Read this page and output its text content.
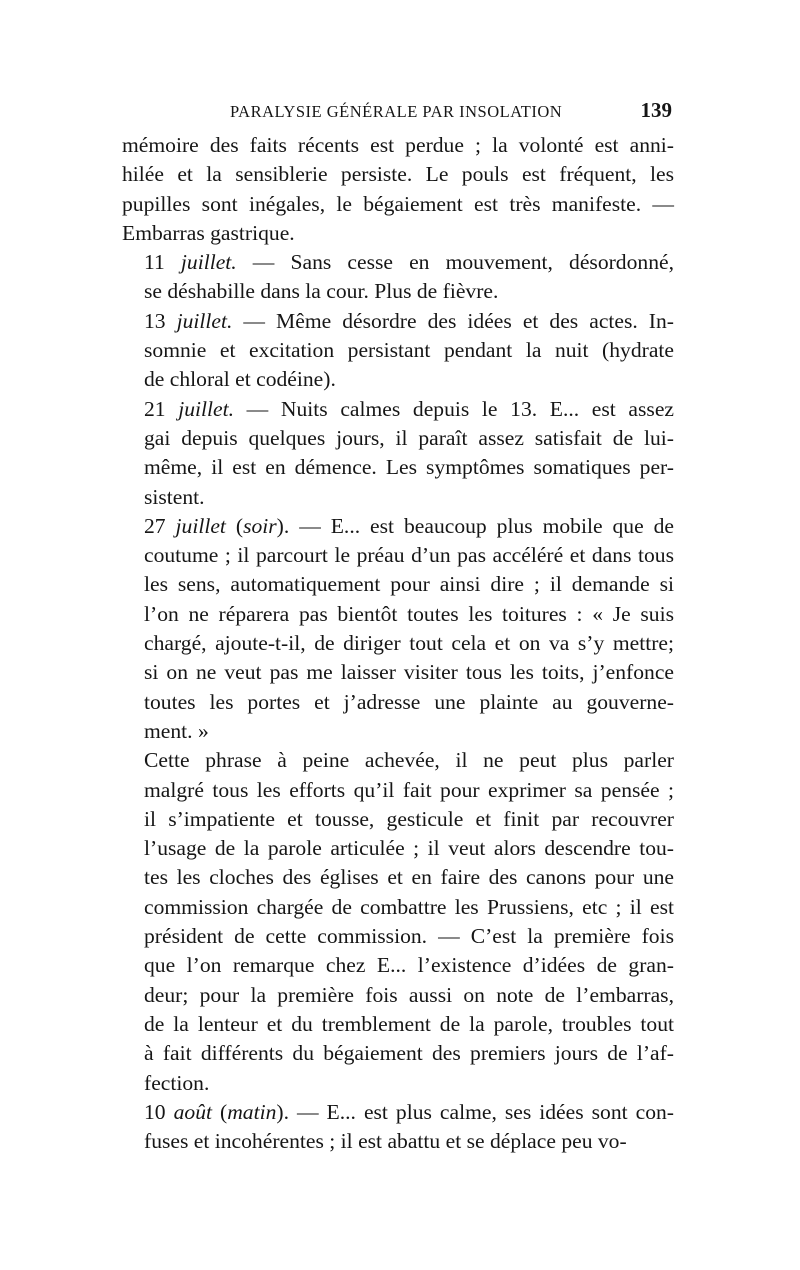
PARALYSIE GÉNÉRALE PAR INSOLATION	139

mémoire des faits récents est perdue ; la volonté est anni-
hilée et la sensiblerie persiste. Le pouls est fréquent, les
pupilles sont inégales, le bégaiement est très manifeste. —
Embarras gastrique.

11 juillet. — Sans cesse en mouvement, désordonné,
se déshabille dans la cour. Plus de fièvre.

13 juillet. — Même désordre des idées et des actes. In-
somnie et excitation persistant pendant la nuit (hydrate
de chloral et codéine).

21 juillet. — Nuits calmes depuis le 13. E... est assez
gai depuis quelques jours, il paraît assez satisfait de lui-
même, il est en démence. Les symptômes somatiques per-
sistent.

27 juillet (soir). — E... est beaucoup plus mobile que de
coutume ; il parcourt le préau d’un pas accéléré et dans tous
les sens, automatiquement pour ainsi dire ; il demande si
l’on ne réparera pas bientôt toutes les toitures : « Je suis
chargé, ajoute-t-il, de diriger tout cela et on va s’y mettre;
si on ne veut pas me laisser visiter tous les toits, j’enfonce
toutes les portes et j’adresse une plainte au gouverne-
ment. »

Cette phrase à peine achevée, il ne peut plus parler
malgré tous les efforts qu’il fait pour exprimer sa pensée ;
il s’impatiente et tousse, gesticule et finit par recouvrer
l’usage de la parole articulée ; il veut alors descendre tou-
tes les cloches des églises et en faire des canons pour une
commission chargée de combattre les Prussiens, etc ; il est
président de cette commission. — C’est la première fois
que l’on remarque chez E... l’existence d’idées de gran-
deur; pour la première fois aussi on note de l’embarras,
de la lenteur et du tremblement de la parole, troubles tout
à fait différents du bégaiement des premiers jours de l’af-
fection.

10 août (matin). — E... est plus calme, ses idées sont con-
fuses et incohérentes ; il est abattu et se déplace peu vo-
